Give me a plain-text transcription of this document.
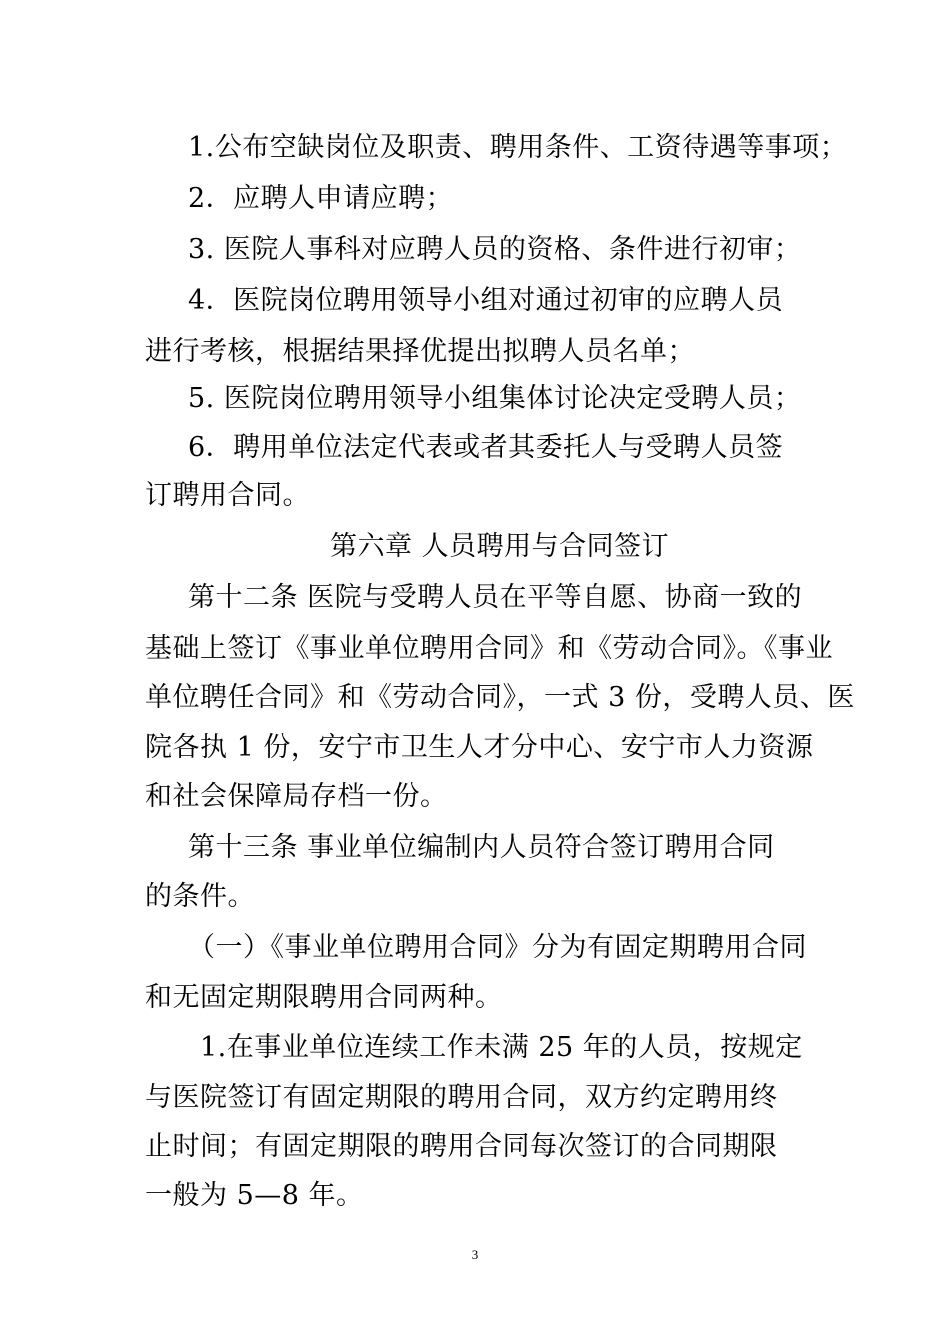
1.公布空缺岗位及职责、聘用条件、工资待遇等事项；
2．应聘人申请应聘；
3. 医院人事科对应聘人员的资格、条件进行初审；
4．医院岗位聘用领导小组对通过初审的应聘人员
进行考核，根据结果择优提出拟聘人员名单；
5. 医院岗位聘用领导小组集体讨论决定受聘人员；
6．聘用单位法定代表或者其委托人与受聘人员签
订聘用合同。
第六章 人员聘用与合同签订
第十二条 医院与受聘人员在平等自愿、协商一致的
基础上签订《事业单位聘用合同》和《劳动合同》。《事业
单位聘任合同》和《劳动合同》，一式 3 份，受聘人员、医
院各执 1 份，安宁市卫生人才分中心、安宁市人力资源
和社会保障局存档一份。
第十三条 事业单位编制内人员符合签订聘用合同
的条件。
（一）《事业单位聘用合同》分为有固定期聘用合同
和无固定期限聘用合同两种。
1.在事业单位连续工作未满 25 年的人员，按规定
与医院签订有固定期限的聘用合同，双方约定聘用终
止时间；有固定期限的聘用合同每次签订的合同期限
一般为 5—8 年。
3
